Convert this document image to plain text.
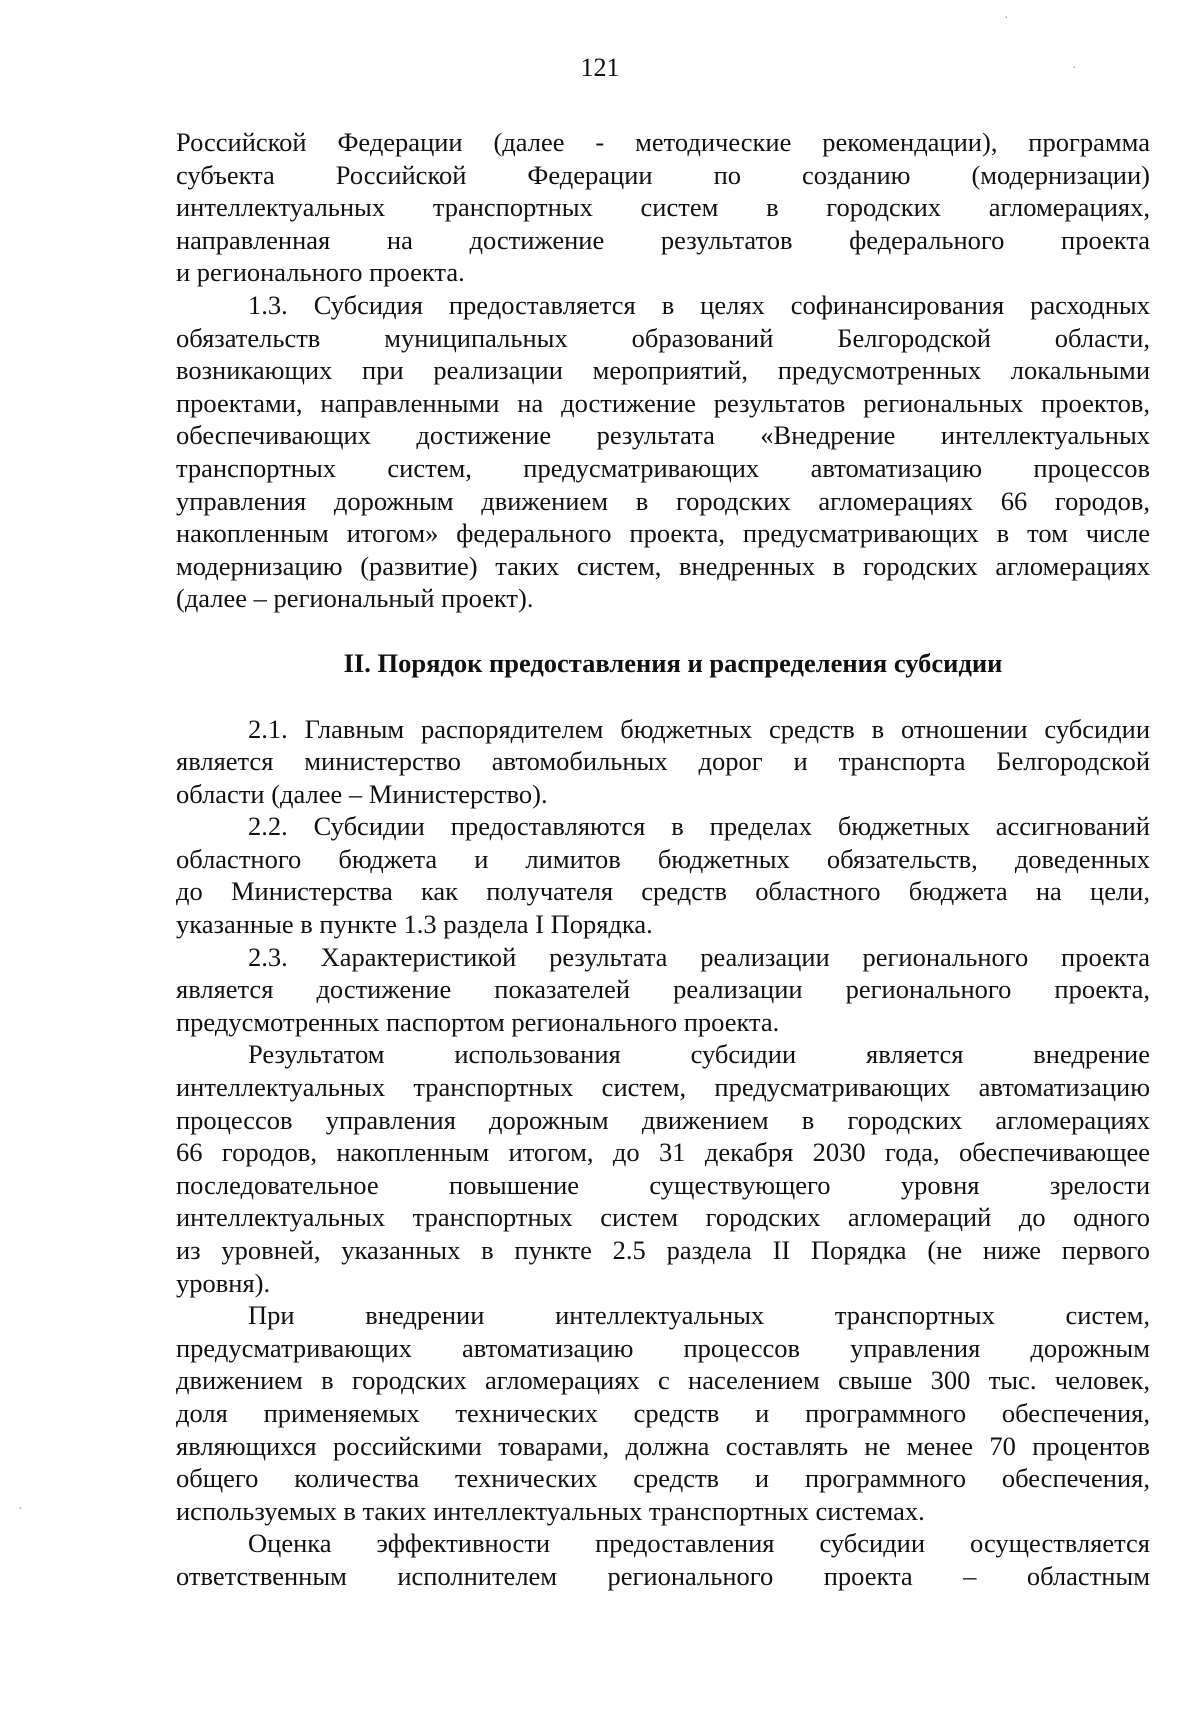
121
·
·
·

Российской Федерации (далее - методические рекомендации), программа
субъекта Российской Федерации по созданию (модернизации)
интеллектуальных транспортных систем в городских агломерациях,
направленная на достижение результатов федерального проекта
и регионального проекта.

1.3. Субсидия предоставляется в целях софинансирования расходных
обязательств муниципальных образований Белгородской области,
возникающих при реализации мероприятий, предусмотренных локальными
проектами, направленными на достижение результатов региональных проектов,
обеспечивающих достижение результата «Внедрение интеллектуальных
транспортных систем, предусматривающих автоматизацию процессов
управления дорожным движением в городских агломерациях 66 городов,
накопленным итогом» федерального проекта, предусматривающих в том числе
модернизацию (развитие) таких систем, внедренных в городских агломерациях
(далее – региональный проект).

II. Порядок предоставления и распределения субсидии

2.1. Главным распорядителем бюджетных средств в отношении субсидии
является министерство автомобильных дорог и транспорта Белгородской
области (далее – Министерство).

2.2. Субсидии предоставляются в пределах бюджетных ассигнований
областного бюджета и лимитов бюджетных обязательств, доведенных
до Министерства как получателя средств областного бюджета на цели,
указанные в пункте 1.3 раздела I Порядка.

2.3. Характеристикой результата реализации регионального проекта
является достижение показателей реализации регионального проекта,
предусмотренных паспортом регионального проекта.

Результатом использования субсидии является внедрение
интеллектуальных транспортных систем, предусматривающих автоматизацию
процессов управления дорожным движением в городских агломерациях
66 городов, накопленным итогом, до 31 декабря 2030 года, обеспечивающее
последовательное повышение существующего уровня зрелости
интеллектуальных транспортных систем городских агломераций до одного
из уровней, указанных в пункте 2.5 раздела II Порядка (не ниже первого
уровня).

При внедрении интеллектуальных транспортных систем,
предусматривающих автоматизацию процессов управления дорожным
движением в городских агломерациях с населением свыше 300 тыс. человек,
доля применяемых технических средств и программного обеспечения,
являющихся российскими товарами, должна составлять не менее 70 процентов
общего количества технических средств и программного обеспечения,
используемых в таких интеллектуальных транспортных системах.

Оценка эффективности предоставления субсидии осуществляется
ответственным исполнителем регионального проекта – областным
